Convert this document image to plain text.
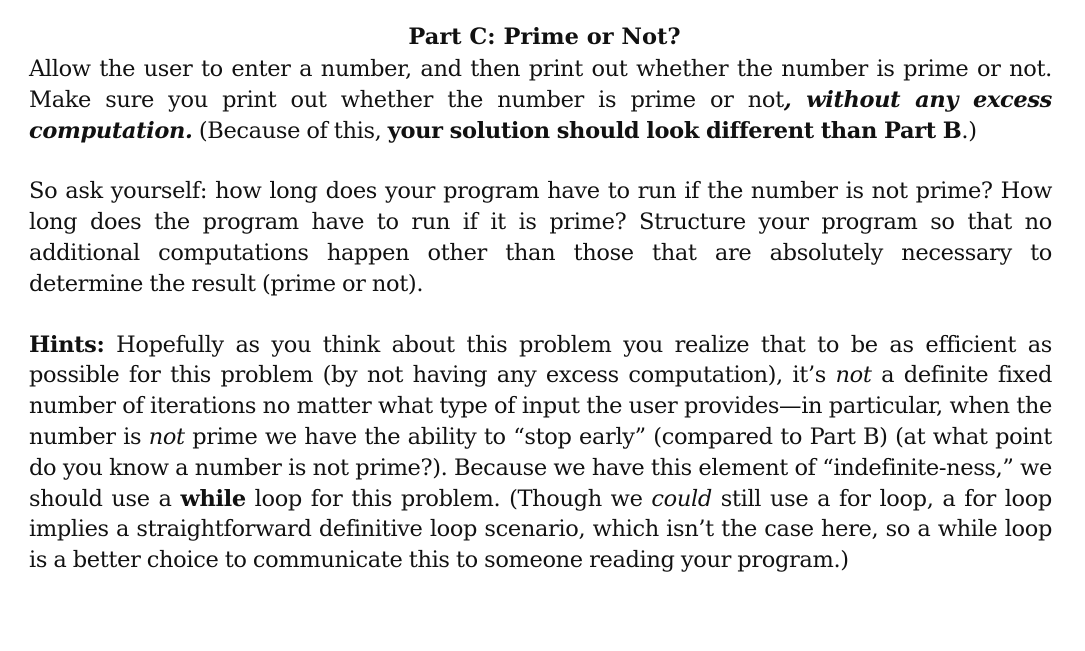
Part C: Prime or Not?

Allow the user to enter a number, and then print out whether the number is prime or not. Make sure you print out whether the number is prime or not, without any excess computation. (Because of this, your solution should look different than Part B.)

So ask yourself: how long does your program have to run if the number is not prime? How long does the program have to run if it is prime? Structure your program so that no additional computations happen other than those that are absolutely necessary to determine the result (prime or not).

Hints: Hopefully as you think about this problem you realize that to be as efficient as possible for this problem (by not having any excess computation), it’s not a definite fixed number of iterations no matter what type of input the user provides—in particular, when the number is not prime we have the ability to “stop early” (compared to Part B) (at what point do you know a number is not prime?). Because we have this element of “indefinite-ness,” we should use a while loop for this problem. (Though we could still use a for loop, a for loop implies a straightforward definitive loop scenario, which isn’t the case here, so a while loop is a better choice to communicate this to someone reading your program.)
